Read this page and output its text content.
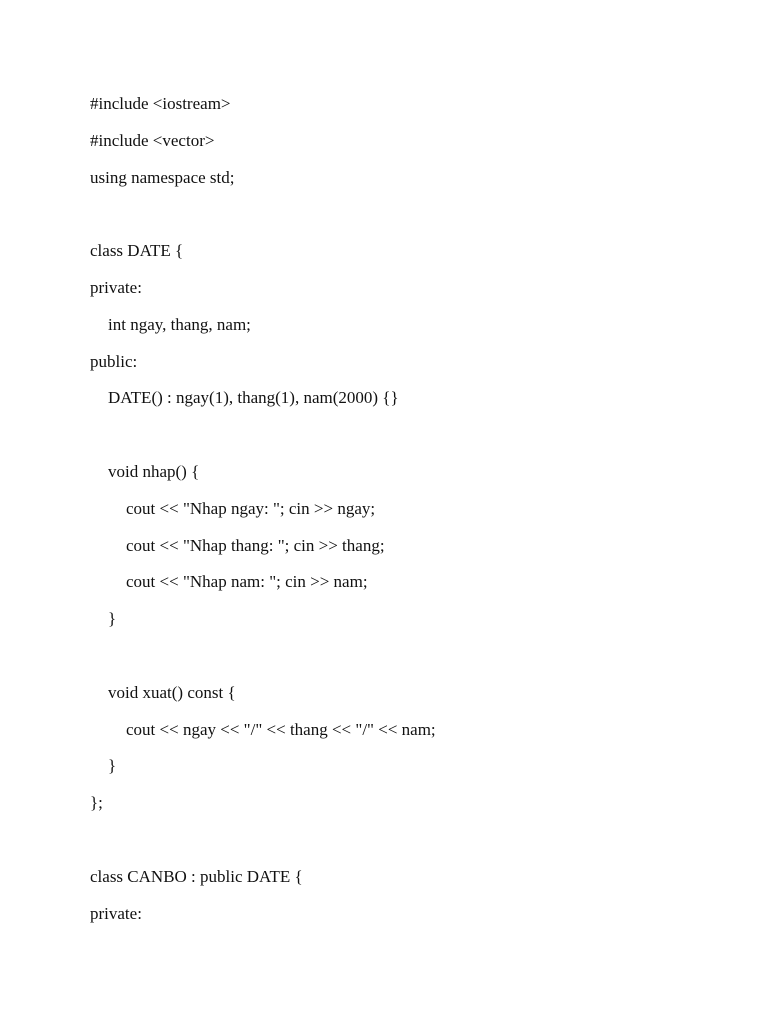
#include <iostream>
#include <vector>
using namespace std;
class DATE {
private:
int ngay, thang, nam;
public:
DATE() : ngay(1), thang(1), nam(2000) {}
void nhap() {
cout << "Nhap ngay: "; cin >> ngay;
cout << "Nhap thang: "; cin >> thang;
cout << "Nhap nam: "; cin >> nam;
}
void xuat() const {
cout << ngay << "/" << thang << "/" << nam;
}
};
class CANBO : public DATE {
private:
